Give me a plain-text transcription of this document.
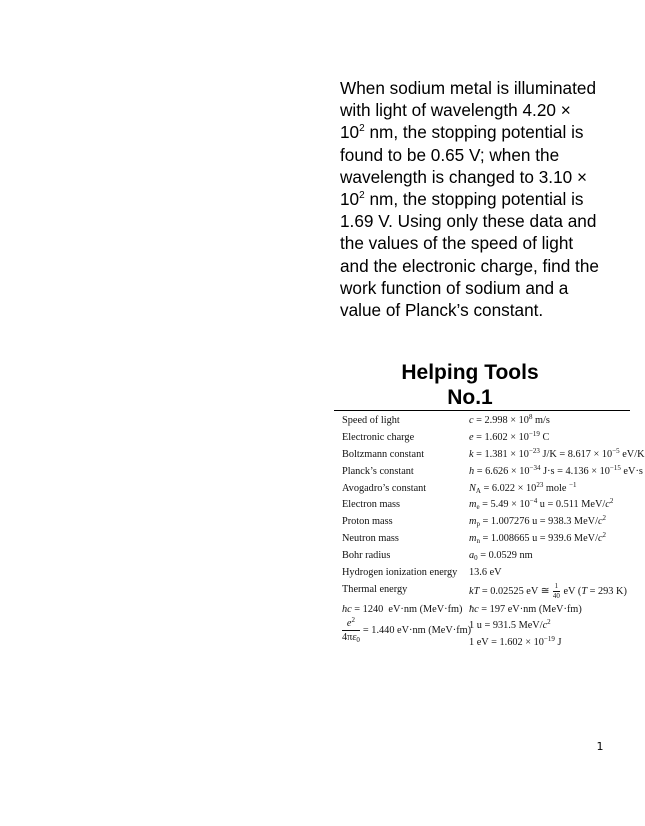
When sodium metal is illuminated with light of wavelength $4.20 \times 10^2$ nm, the stopping potential is found to be 0.65 V; when the wavelength is changed to $3.10 \times 10^2$ nm, the stopping potential is 1.69 V. Using only these data and the values of the speed of light and the electronic charge, find the work function of sodium and a value of Planck’s constant.
Helping Tools
No.1
Speed of light	$c = 2.998 \times 10^8$ m/s
Electronic charge	$e = 1.602 \times 10^{-19}$ C
Boltzmann constant	$k = 1.381 \times 10^{-23}$ $J/K = 8.617 \times 10^{-5}$ eV/K
Planck’s constant	$h = 6.626 \times 10^{-34}$ $J\cdot s = 4.136 \times 10^{-15}$ eV·s
Avogadro’s constant	$N_A = 6.022 \times 10^{23}$ mole $^{-1}$
Electron mass	$m_e = 5.49 \times 10^{-4}$ u = 0.511 MeV/$c^2$
Proton mass	$m_p = 1.007276$ u = 938.3 MeV/$c^2$
Neutron mass	$m_n = 1.008665$ u = 939.6 MeV/$c^2$
Bohr radius	$a_0 = 0.0529$ nm
Hydrogen ionization energy 13.6 eV
Thermal energy	kT = 0.02525 eV ≅ $\frac{1}{40}$ eV (T = 293 K)
hc = 1240  eV·nm (MeV·fm) ħc = 197 eV·nm (MeV·fm)
$\frac{e^2}{4\pi\varepsilon_0} = 1.440$ eV·nm (MeV·fm)
1 u = 931.5 MeV/$c^2$
1 eV = $1.602 \times 10^{-19}$ J
1
